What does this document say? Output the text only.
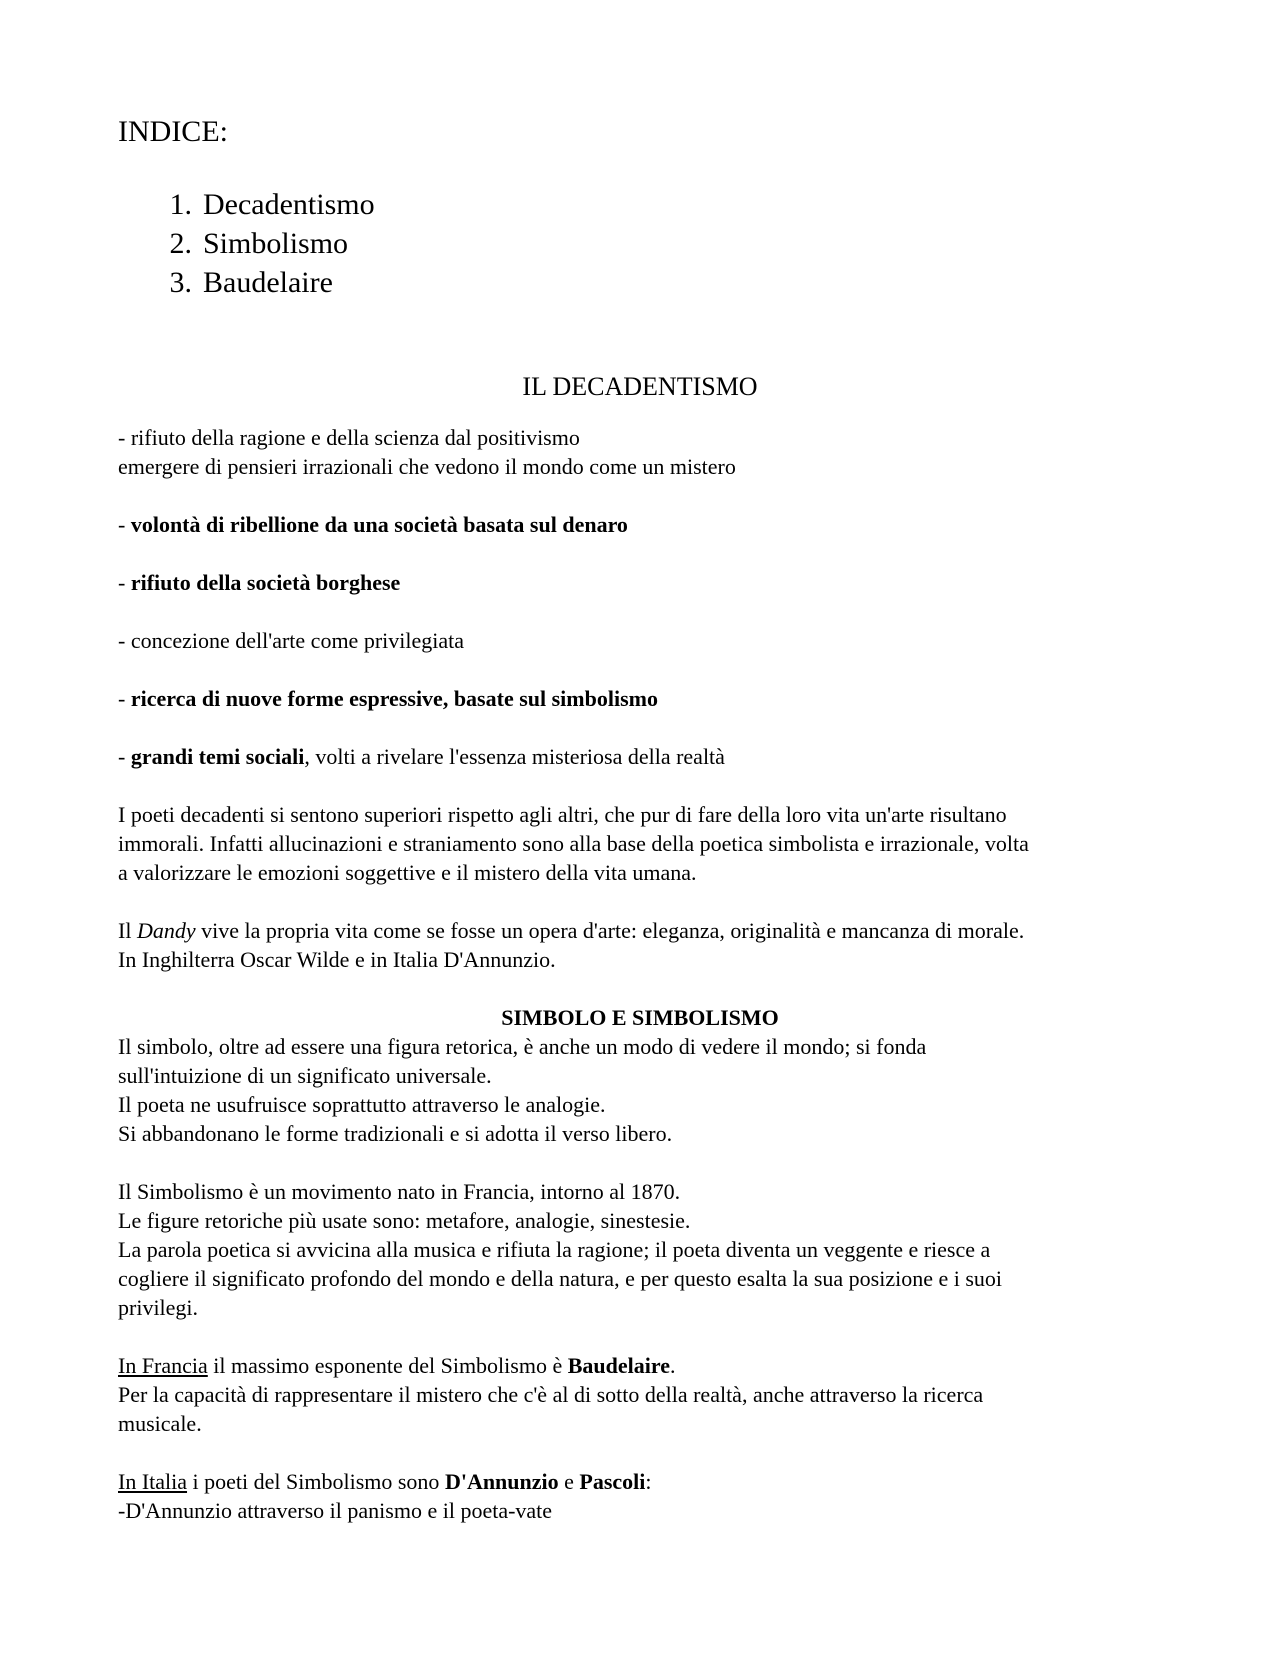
INDICE:

1. Decadentismo
2. Simbolismo
3. Baudelaire

IL DECADENTISMO

- rifiuto della ragione e della scienza dal positivismo
emergere di pensieri irrazionali che vedono il mondo come un mistero

- volontà di ribellione da una società basata sul denaro

- rifiuto della società borghese

- concezione dell'arte come privilegiata

- ricerca di nuove forme espressive, basate sul simbolismo

- grandi temi sociali, volti a rivelare l'essenza misteriosa della realtà

I poeti decadenti si sentono superiori rispetto agli altri, che pur di fare della loro vita un'arte risultano
immorali. Infatti allucinazioni e straniamento sono alla base della poetica simbolista e irrazionale, volta
a valorizzare le emozioni soggettive e il mistero della vita umana.

Il Dandy vive la propria vita come se fosse un opera d'arte: eleganza, originalità e mancanza di morale.
In Inghilterra Oscar Wilde e in Italia D'Annunzio.

SIMBOLO E SIMBOLISMO

Il simbolo, oltre ad essere una figura retorica, è anche un modo di vedere il mondo; si fonda
sull'intuizione di un significato universale.
Il poeta ne usufruisce soprattutto attraverso le analogie.
Si abbandonano le forme tradizionali e si adotta il verso libero.

Il Simbolismo è un movimento nato in Francia, intorno al 1870.
Le figure retoriche più usate sono: metafore, analogie, sinestesie.
La parola poetica si avvicina alla musica e rifiuta la ragione; il poeta diventa un veggente e riesce a
cogliere il significato profondo del mondo e della natura, e per questo esalta la sua posizione e i suoi
privilegi.

In Francia il massimo esponente del Simbolismo è Baudelaire.
Per la capacità di rappresentare il mistero che c'è al di sotto della realtà, anche attraverso la ricerca
musicale.

In Italia i poeti del Simbolismo sono D'Annunzio e Pascoli:
-D'Annunzio attraverso il panismo e il poeta-vate
